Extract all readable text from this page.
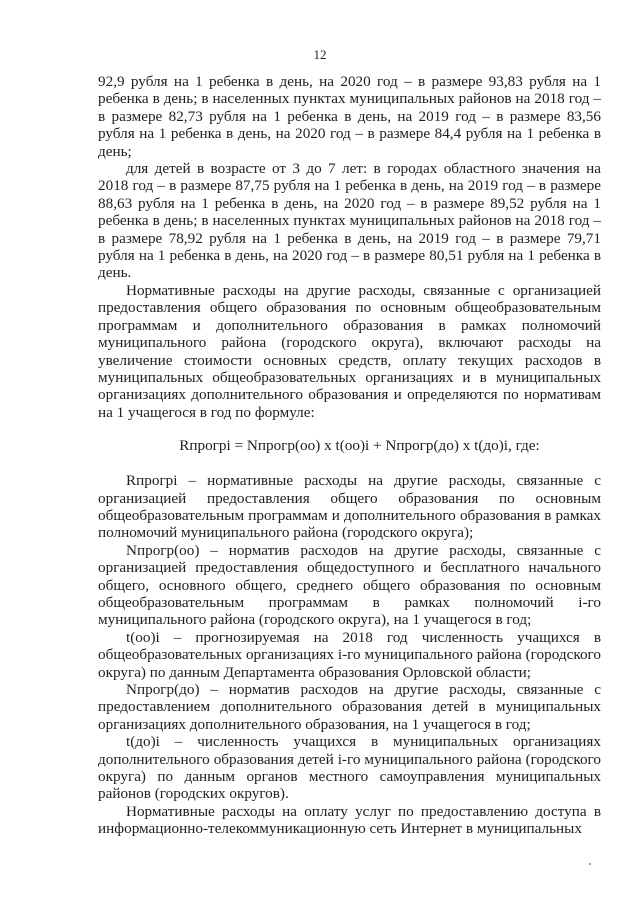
12

92,9 рубля на 1 ребенка в день, на 2020 год – в размере 93,83 рубля на 1 ребенка в день; в населенных пунктах муниципальных районов на 2018 год – в размере 82,73 рубля на 1 ребенка в день, на 2019 год – в размере 83,56 рубля на 1 ребенка в день, на 2020 год – в размере 84,4 рубля на 1 ребенка в день;

для детей в возрасте от 3 до 7 лет: в городах областного значения на 2018 год – в размере 87,75 рубля на 1 ребенка в день, на 2019 год – в размере 88,63 рубля на 1 ребенка в день, на 2020 год – в размере 89,52 рубля на 1 ребенка в день; в населенных пунктах муниципальных районов на 2018 год – в размере 78,92 рубля на 1 ребенка в день, на 2019 год – в размере 79,71 рубля на 1 ребенка в день, на 2020 год – в размере 80,51 рубля на 1 ребенка в день.

Нормативные расходы на другие расходы, связанные с организацией предоставления общего образования по основным общеобразовательным программам и дополнительного образования в рамках полномочий муниципального района (городского округа), включают расходы на увеличение стоимости основных средств, оплату текущих расходов в муниципальных общеобразовательных организациях и в муниципальных организациях дополнительного образования и определяются по нормативам на 1 учащегося в год по формуле:

Rпрогрi = Nпрогр(оо) x t(оо)i + Nпрогр(до) x t(до)i, где:

Rпрогрi – нормативные расходы на другие расходы, связанные с организацией предоставления общего образования по основным общеобразовательным программам и дополнительного образования в рамках полномочий муниципального района (городского округа);

Nпрогр(оо) – норматив расходов на другие расходы, связанные с организацией предоставления общедоступного и бесплатного начального общего, основного общего, среднего общего образования по основным общеобразовательным программам в рамках полномочий i-го муниципального района (городского округа), на 1 учащегося в год;

t(оо)i – прогнозируемая на 2018 год численность учащихся в общеобразовательных организациях i-го муниципального района (городского округа) по данным Департамента образования Орловской области;

Nпрогр(до) – норматив расходов на другие расходы, связанные с предоставлением дополнительного образования детей в муниципальных организациях дополнительного образования, на 1 учащегося в год;

t(до)i – численность учащихся в муниципальных организациях дополнительного образования детей i-го муниципального района (городского округа) по данным органов местного самоуправления муниципальных районов (городских округов).

Нормативные расходы на оплату услуг по предоставлению доступа в информационно-телекоммуникационную сеть Интернет в муниципальных
